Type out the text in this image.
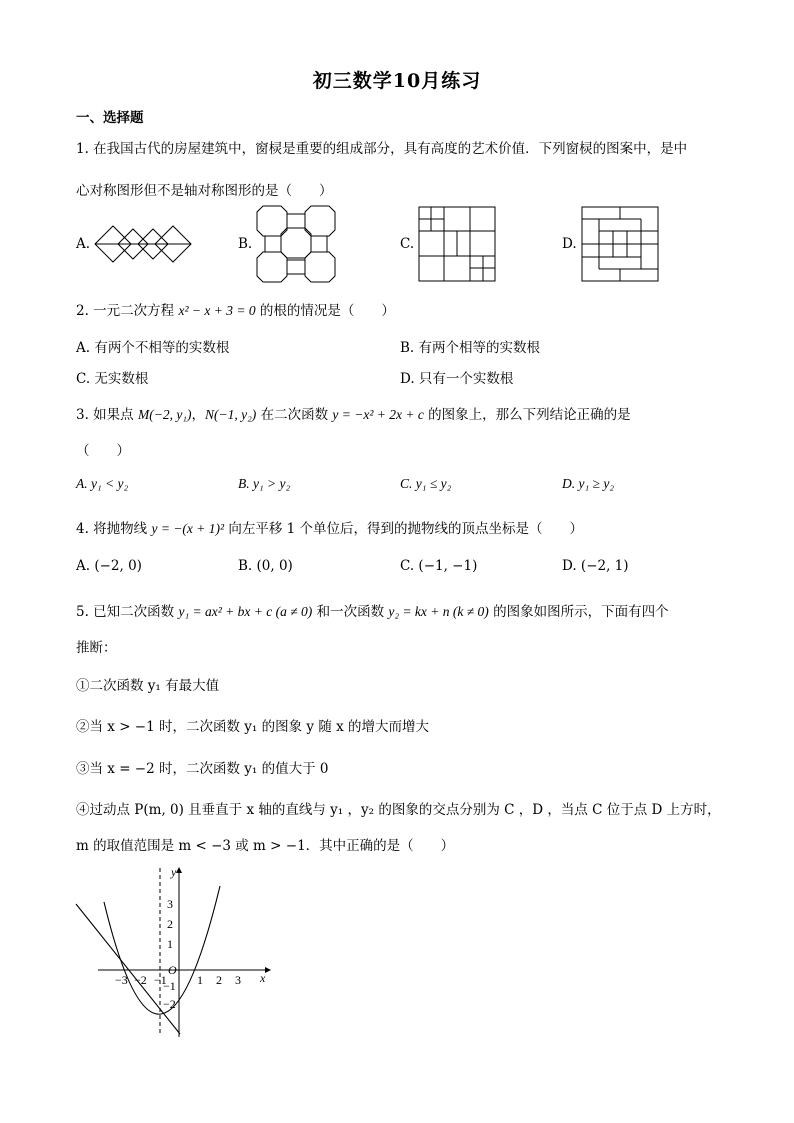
初三数学10月练习
一、选择题
1. 在我国古代的房屋建筑中，窗棂是重要的组成部分，具有高度的艺术价值．下列窗棂的图案中，是中
心对称图形但不是轴对称图形的是（　　）
A.	B.	C.	D.
2. 一元二次方程 x² − x + 3 = 0 的根的情况是（　　）
A. 有两个不相等的实数根	B. 有两个相等的实数根
C. 无实数根	D. 只有一个实数根
3. 如果点 M(−2, y₁)，N(−1, y₂) 在二次函数 y = −x² + 2x + c 的图象上，那么下列结论正确的是
（　　）
A. y₁ < y₂	B. y₁ > y₂	C. y₁ ≤ y₂	D. y₁ ≥ y₂
4. 将抛物线 y = −(x + 1)² 向左平移 1 个单位后，得到的抛物线的顶点坐标是（　　）
A. (−2, 0)	B. (0, 0)	C. (−1, −1)	D. (−2, 1)
5. 已知二次函数 y₁ = ax² + bx + c (a ≠ 0) 和一次函数 y₂ = kx + n (k ≠ 0) 的图象如图所示，下面有四个
推断：
①二次函数 y₁ 有最大值
②当 x > −1 时，二次函数 y₁ 的图象 y 随 x 的增大而增大
③当 x = −2 时，二次函数 y₁ 的值大于 0
④过动点 P(m, 0) 且垂直于 x 轴的直线与 y₁ ，y₂ 的图象的交点分别为 C ，D ，当点 C 位于点 D 上方时，
m 的取值范围是 m < −3 或 m > −1．其中正确的是（　　）
−3 −2 −1	1 2 3
3
2
1
−1
−2
O
x
y
